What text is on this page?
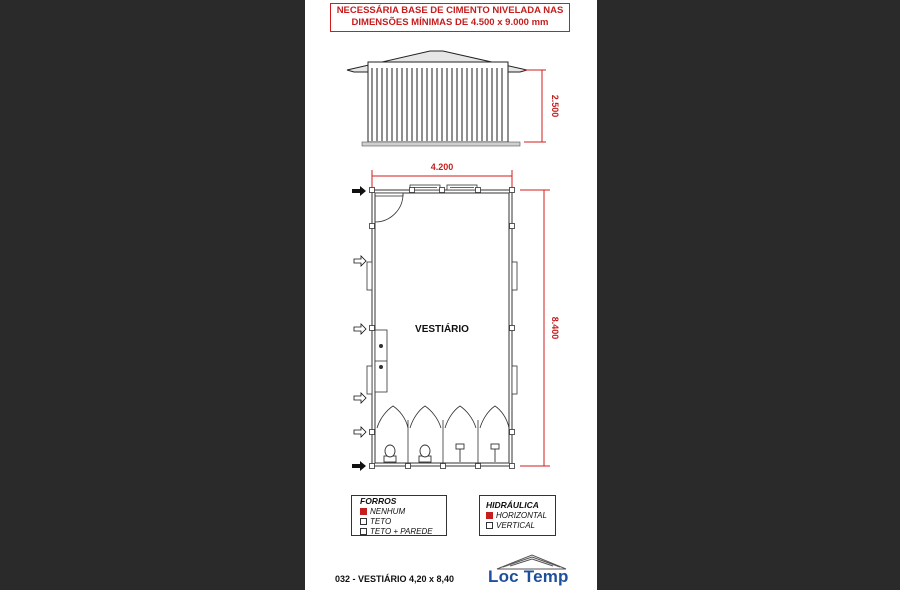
NECESSÁRIA BASE DE CIMENTO NIVELADA NAS
DIMENSÕES MÍNIMAS DE 4.500 x 9.000 mm
2.500
4.200
8.400
VESTIÁRIO
FORROS
NENHUM
TETO
TETO + PAREDE
HIDRÁULICA
HORIZONTAL
VERTICAL
032 - VESTIÁRIO 4,20 x 8,40 Loc Temp
